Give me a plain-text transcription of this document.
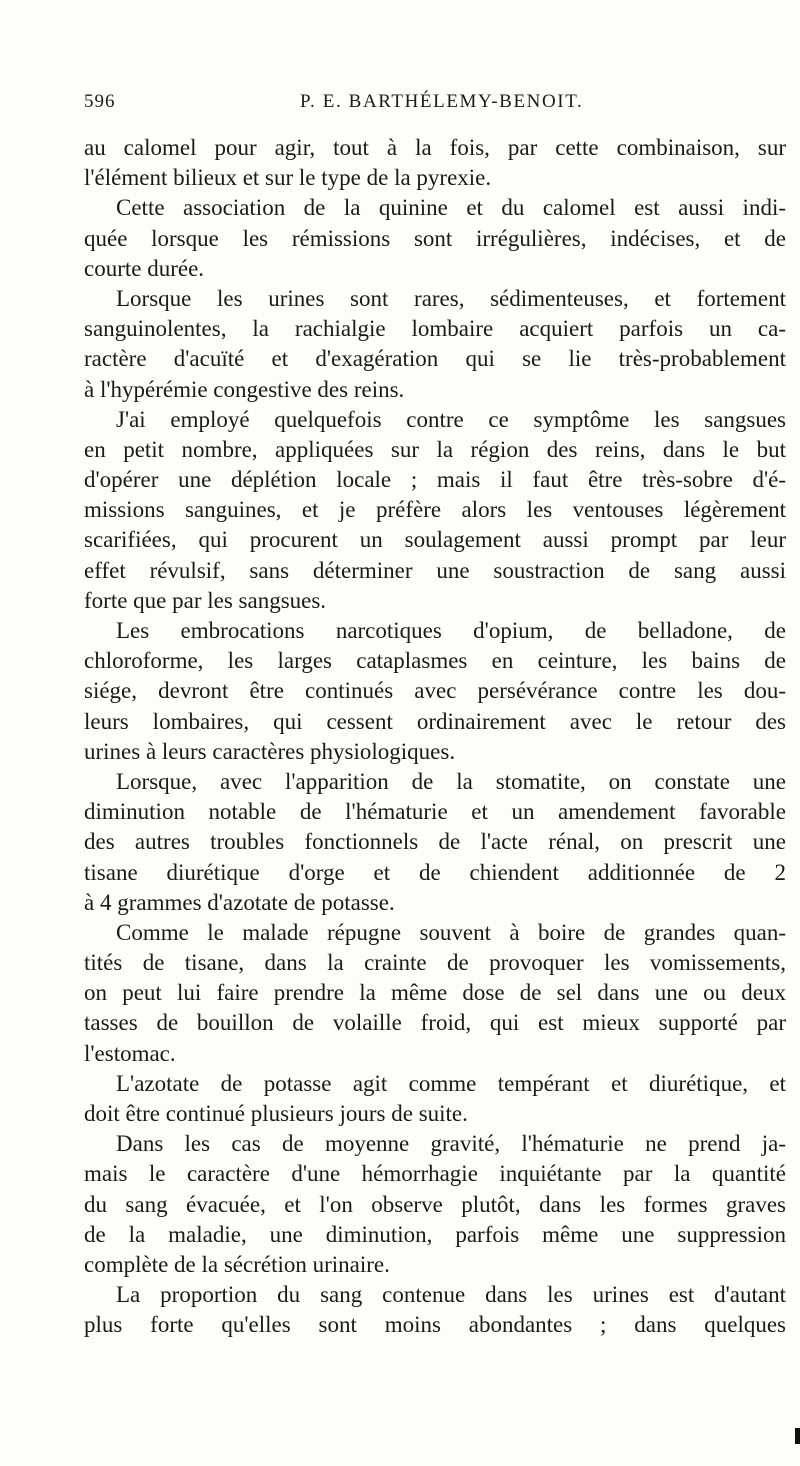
596	P. E. BARTHÉLEMY-BENOIT.
au calomel pour agir, tout à la fois, par cette combinaison, sur
l'élément bilieux et sur le type de la pyrexie.
Cette association de la quinine et du calomel est aussi indi-
quée lorsque les rémissions sont irrégulières, indécises, et de
courte durée.
Lorsque les urines sont rares, sédimenteuses, et fortement
sanguinolentes, la rachialgie lombaire acquiert parfois un ca-
ractère d'acuïté et d'exagération qui se lie très-probablement
à l'hypérémie congestive des reins.
J'ai employé quelquefois contre ce symptôme les sangsues
en petit nombre, appliquées sur la région des reins, dans le but
d'opérer une déplétion locale ; mais il faut être très-sobre d'é-
missions sanguines, et je préfère alors les ventouses légèrement
scarifiées, qui procurent un soulagement aussi prompt par leur
effet révulsif, sans déterminer une soustraction de sang aussi
forte que par les sangsues.
Les embrocations narcotiques d'opium, de belladone, de
chloroforme, les larges cataplasmes en ceinture, les bains de
siége, devront être continués avec persévérance contre les dou-
leurs lombaires, qui cessent ordinairement avec le retour des
urines à leurs caractères physiologiques.
Lorsque, avec l'apparition de la stomatite, on constate une
diminution notable de l'hématurie et un amendement favorable
des autres troubles fonctionnels de l'acte rénal, on prescrit une
tisane diurétique d'orge et de chiendent additionnée de 2
à 4 grammes d'azotate de potasse.
Comme le malade répugne souvent à boire de grandes quan-
tités de tisane, dans la crainte de provoquer les vomissements,
on peut lui faire prendre la même dose de sel dans une ou deux
tasses de bouillon de volaille froid, qui est mieux supporté par
l'estomac.
L'azotate de potasse agit comme tempérant et diurétique, et
doit être continué plusieurs jours de suite.
Dans les cas de moyenne gravité, l'hématurie ne prend ja-
mais le caractère d'une hémorrhagie inquiétante par la quantité
du sang évacuée, et l'on observe plutôt, dans les formes graves
de la maladie, une diminution, parfois même une suppression
complète de la sécrétion urinaire.
La proportion du sang contenue dans les urines est d'autant
plus forte qu'elles sont moins abondantes ; dans quelques
